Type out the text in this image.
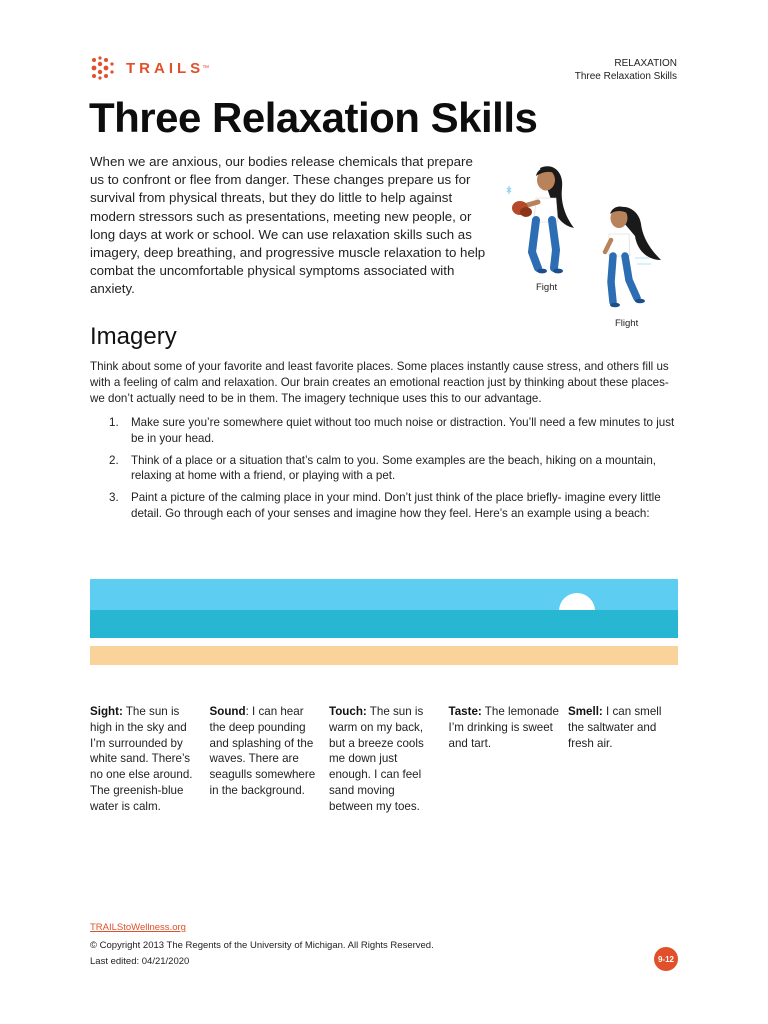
TRAILS
™	RELAXATION
Three Relaxation Skills
Three Relaxation Skills

When we are anxious, our bodies release chemicals that prepare us to confront or flee from danger. These changes prepare us for survival from physical threats, but they do little to help against modern stressors such as presentations, meeting new people, or long days at work or school. We can use relaxation skills such as imagery, deep breathing, and progressive muscle relaxation to help combat the uncomfortable physical symptoms associated with anxiety.	Fight
Flight
Imagery

Think about some of your favorite and least favorite places. Some places instantly cause stress, and others fill us with a feeling of calm and relaxation. Our brain creates an emotional reaction just by thinking about these places- we don’t actually need to be in them. The imagery technique uses this to our advantage.

1. Make sure you’re somewhere quiet without too much noise or distraction. You’ll need a few minutes to just be in your head.
2. Think of a place or a situation that’s calm to you. Some examples are the beach, hiking on a mountain, relaxing at home with a friend, or playing with a pet.
3. Paint a picture of the calming place in your mind. Don’t just think of the place briefly- imagine every little detail. Go through each of your senses and imagine how they feel. Here’s an example using a beach:
Sight: The sun is high in the sky and I’m surrounded by white sand. There’s no one else around. The greenish-blue water is calm.
Sound: I can hear the deep pounding and splashing of the waves. There are seagulls somewhere in the background.
Touch: The sun is warm on my back, but a breeze cools me down just enough. I can feel sand moving between my toes.
Taste: The lemonade I’m drinking is sweet and tart.
Smell: I can smell the saltwater and fresh air.
TRAILStoWellness.org
© Copyright 2013 The Regents of the University of Michigan. All Rights Reserved.
Last edited: 04/21/2020	9-12
